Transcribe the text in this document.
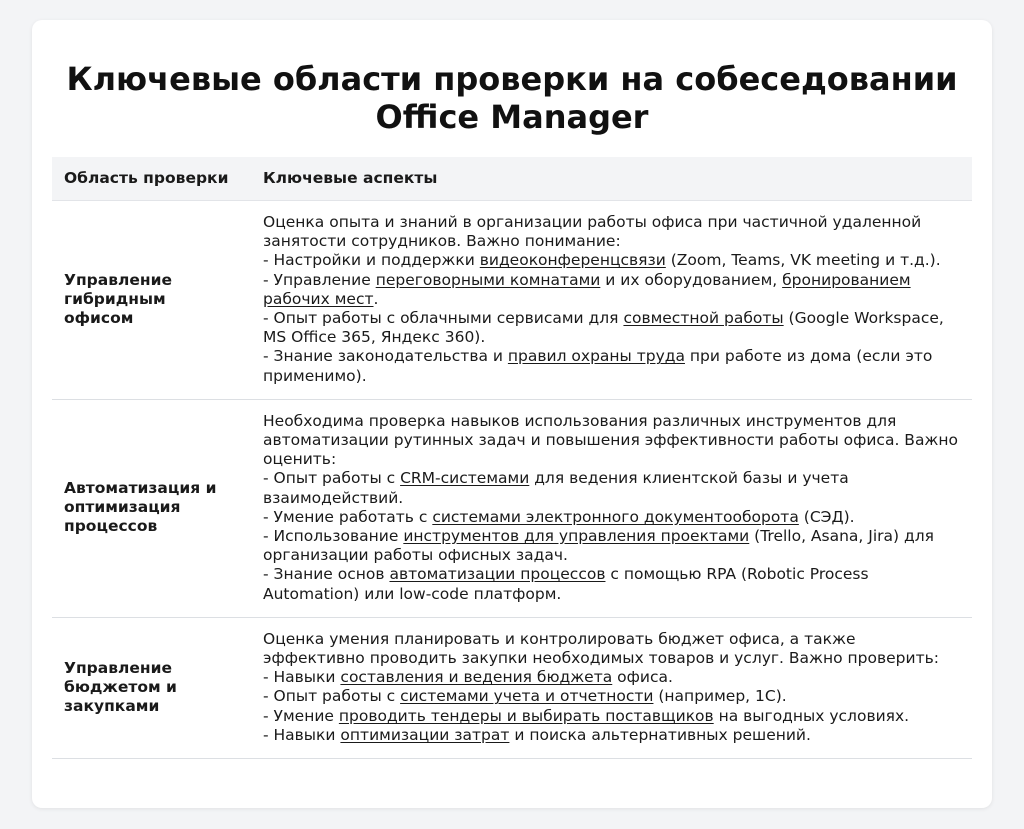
Ключевые области проверки на собеседовании Office Manager
Область проверки	Ключевые аспекты
Управление гибридным офисом	Оценка опыта и знаний в организации работы офиса при частичной удаленной занятости сотрудников. Важно понимание:
- Настройки и поддержки видеоконференцсвязи (Zoom, Teams, VK meeting и т.д.).
- Управление переговорными комнатами и их оборудованием, бронированием рабочих мест.
- Опыт работы с облачными сервисами для совместной работы (Google Workspace, MS Office 365, Яндекс 360).
- Знание законодательства и правил охраны труда при работе из дома (если это применимо).

Автоматизация и оптимизация процессов	Необходима проверка навыков использования различных инструментов для автоматизации рутинных задач и повышения эффективности работы офиса. Важно оценить:
- Опыт работы с CRM-системами для ведения клиентской базы и учета взаимодействий.
- Умение работать с системами электронного документооборота (СЭД).
- Использование инструментов для управления проектами (Trello, Asana, Jira) для организации работы офисных задач.
- Знание основ автоматизации процессов с помощью RPA (Robotic Process Automation) или low-code платформ.

Управление бюджетом и закупками	Оценка умения планировать и контролировать бюджет офиса, а также эффективно проводить закупки необходимых товаров и услуг. Важно проверить:
- Навыки составления и ведения бюджета офиса.
- Опыт работы с системами учета и отчетности (например, 1С).
- Умение проводить тендеры и выбирать поставщиков на выгодных условиях.
- Навыки оптимизации затрат и поиска альтернативных решений.
